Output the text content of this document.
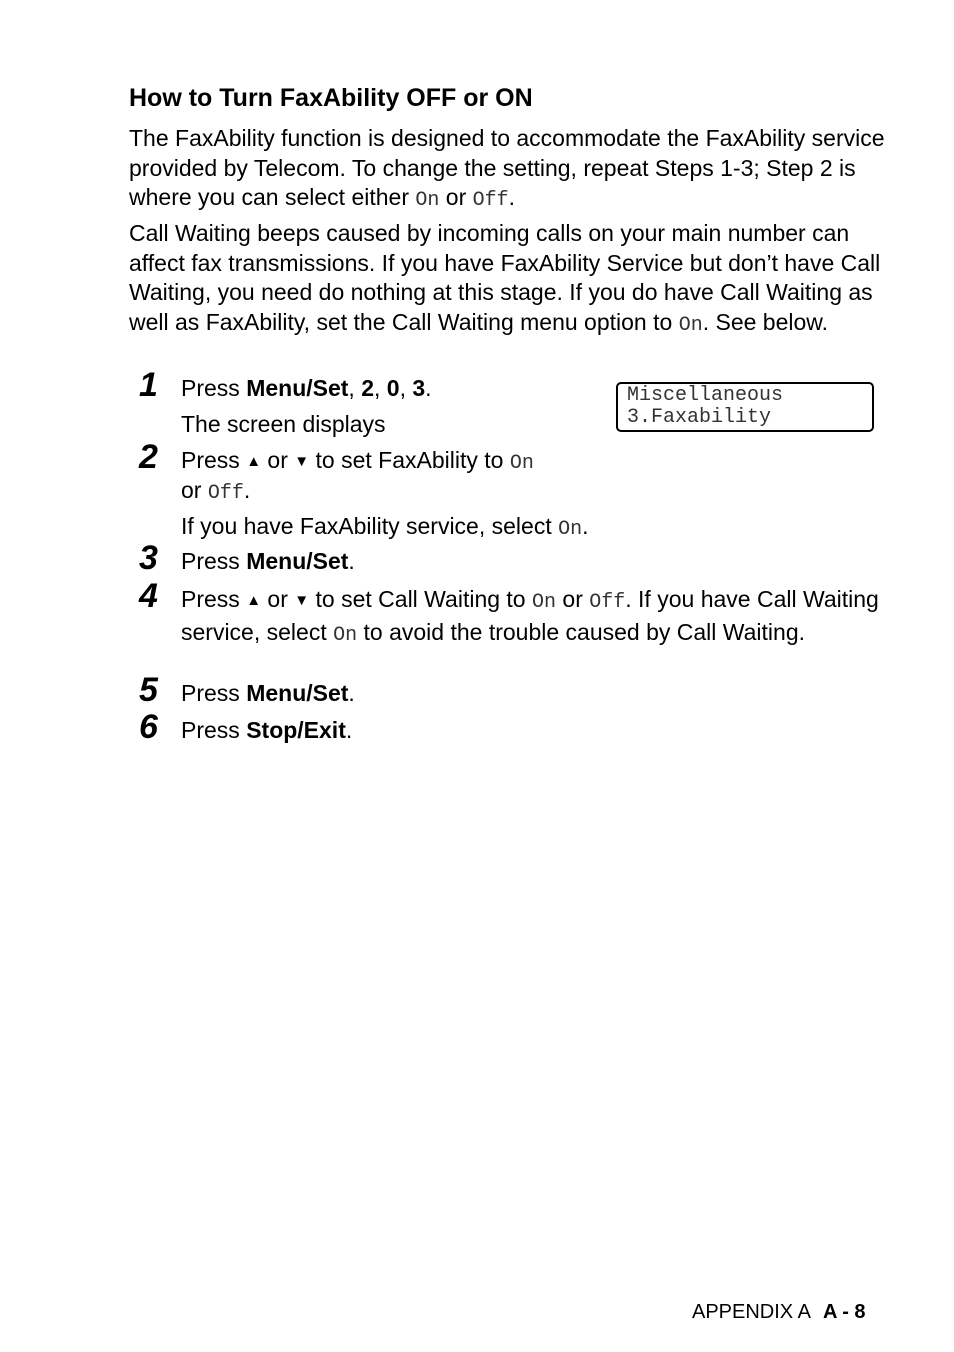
How to Turn FaxAbility OFF or ON
The FaxAbility function is designed to accommodate the FaxAbility service provided by Telecom. To change the setting, repeat Steps 1-3; Step 2 is where you can select either On or Off.
Call Waiting beeps caused by incoming calls on your main number can affect fax transmissions. If you have FaxAbility Service but don’t have Call Waiting, you need do nothing at this stage. If you do have Call Waiting as well as FaxAbility, set the Call Waiting menu option to On. See below.
1 Press Menu/Set, 2, 0, 3.
The screen displays
Miscellaneous
3.Faxability
2 Press ▲ or ▼ to set FaxAbility to On
or Off.
If you have FaxAbility service, select On.
3 Press Menu/Set.
4 Press ▲ or ▼ to set Call Waiting to On or Off. If you have Call Waiting service, select On to avoid the trouble caused by Call Waiting.
5 Press Menu/Set.
6 Press Stop/Exit.
APPENDIX A A - 8
